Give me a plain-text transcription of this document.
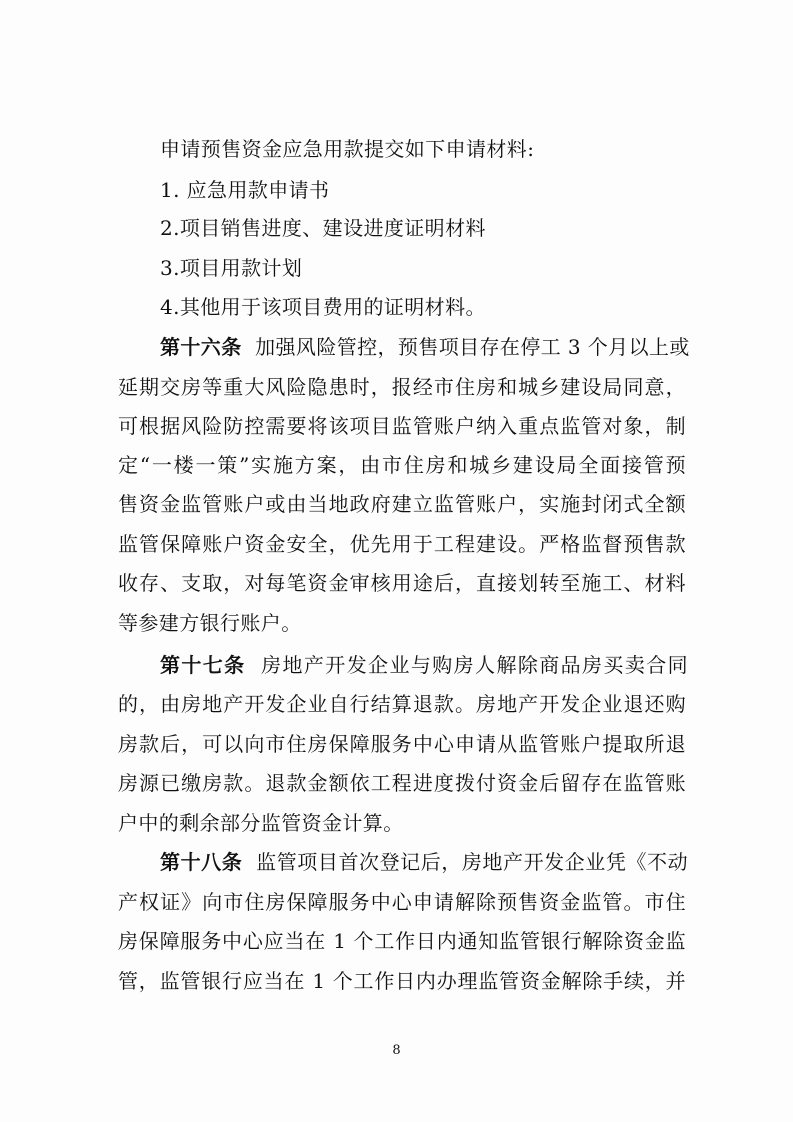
申请预售资金应急用款提交如下申请材料:
1. 应急用款申请书
2.项目销售进度、建设进度证明材料
3.项目用款计划
4.其他用于该项目费用的证明材料。
第十六条 加强风险管控，预售项目存在停工 3 个月以上或
延期交房等重大风险隐患时，报经市住房和城乡建设局同意，
可根据风险防控需要将该项目监管账户纳入重点监管对象，制
定“一楼一策”实施方案，由市住房和城乡建设局全面接管预
售资金监管账户或由当地政府建立监管账户，实施封闭式全额
监管保障账户资金安全，优先用于工程建设。严格监督预售款
收存、支取，对每笔资金审核用途后，直接划转至施工、材料
等参建方银行账户。
第十七条 房地产开发企业与购房人解除商品房买卖合同
的，由房地产开发企业自行结算退款。房地产开发企业退还购
房款后，可以向市住房保障服务中心申请从监管账户提取所退
房源已缴房款。退款金额依工程进度拨付资金后留存在监管账
户中的剩余部分监管资金计算。
第十八条 监管项目首次登记后，房地产开发企业凭《不动
产权证》向市住房保障服务中心申请解除预售资金监管。市住
房保障服务中心应当在 1 个工作日内通知监管银行解除资金监
管，监管银行应当在 1 个工作日内办理监管资金解除手续，并
8
